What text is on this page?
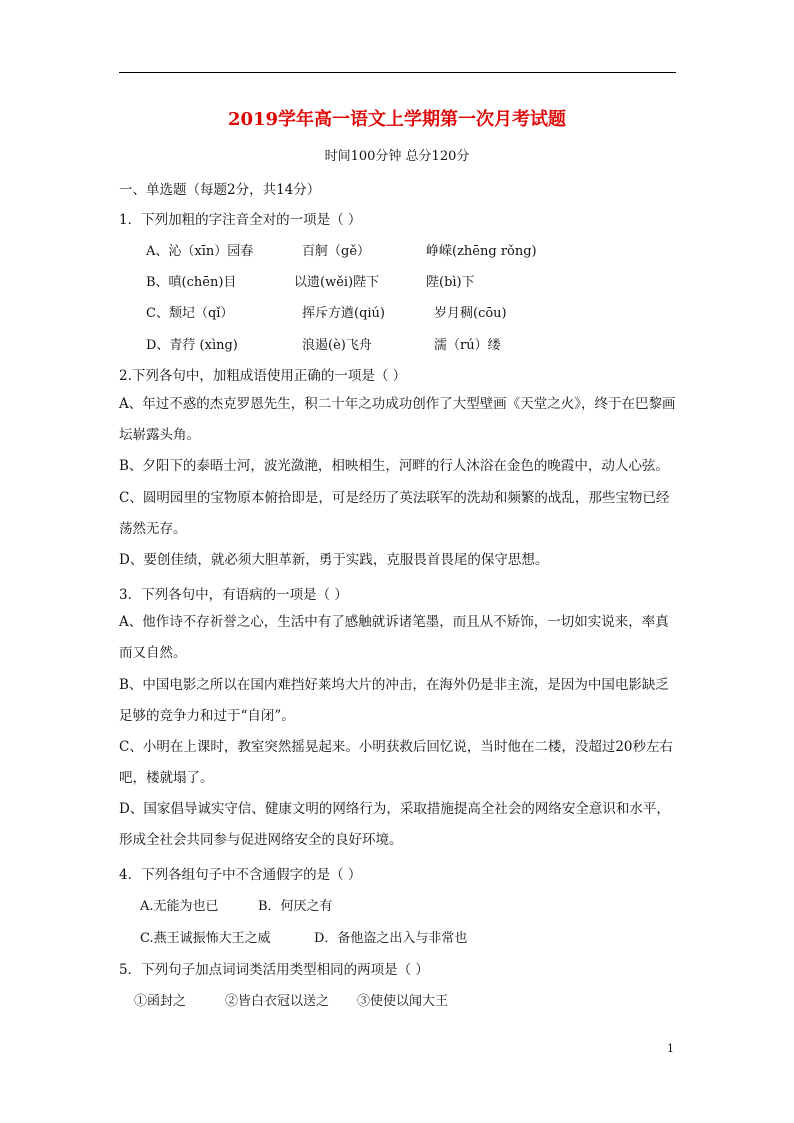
2019学年高一语文上学期第一次月考试题
时间100分钟 总分120分
一、单选题（每题2分，共14分）
1．下列加粗的字注音全对的一项是（ ）
A、沁（xīn）园春	百舸（gě）	峥嵘(zhēng rǒng)
B、嗔(chēn)目	以遗(wěi)陛下	陛(bì)下
C、颓圮（qǐ）	挥斥方遒(qiú)	岁月稠(cōu)
D、青荇 (xìng)	浪遏(è)飞舟	濡（rú）缕
2.下列各句中，加粗成语使用正确的一项是（ ）
A、年过不惑的杰克罗恩先生，积二十年之功成功创作了大型壁画《天堂之火》，终于在巴黎画坛崭露头角。
B、夕阳下的泰晤士河，波光潋滟，相映相生，河畔的行人沐浴在金色的晚霞中，动人心弦。
C、圆明园里的宝物原本俯拾即是，可是经历了英法联军的洗劫和频繁的战乱，那些宝物已经荡然无存。
D、要创佳绩，就必须大胆革新，勇于实践，克服畏首畏尾的保守思想。
3．下列各句中，有语病的一项是（ ）
A、他作诗不存祈誉之心，生活中有了感触就诉诸笔墨，而且从不矫饰，一切如实说来，率真而又自然。
B、中国电影之所以在国内难挡好莱坞大片的冲击，在海外仍是非主流，是因为中国电影缺乏足够的竞争力和过于“自闭”。
C、小明在上课时，教室突然摇晃起来。小明获救后回忆说，当时他在二楼，没超过20秒左右吧，楼就塌了。
D、国家倡导诚实守信、健康文明的网络行为，采取措施提高全社会的网络安全意识和水平，形成全社会共同参与促进网络安全的良好环境。
4．下列各组句子中不含通假字的是（ ）
A.无能为也已	B．何厌之有
C.燕王诚振怖大王之威	D．备他盗之出入与非常也
5．下列句子加点词词类活用类型相同的两项是（ ）
①函封之	②皆白衣冠以送之 ③使使以闻大王
1
